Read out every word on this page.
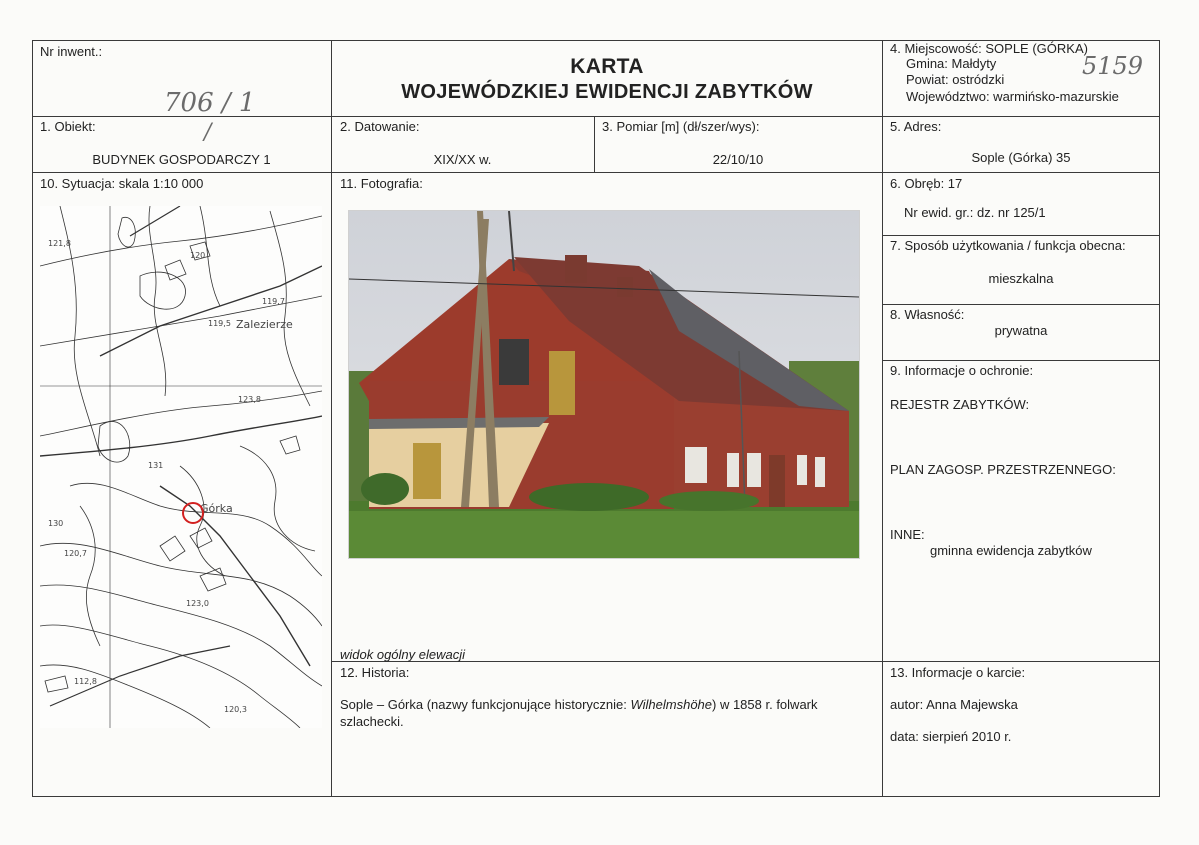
Nr inwent.:
706 / 1
/
KARTA
WOJEWÓDZKIEJ EWIDENCJI ZABYTKÓW
4. Miejscowość: SOPLE (GÓRKA)
Gmina: Małdyty
Powiat: ostródzki
Województwo: warmińsko-mazurskie
5159
1. Obiekt:
BUDYNEK GOSPODARCZY 1
2. Datowanie:
XIX/XX w.
3. Pomiar [m] (dł/szer/wys):
22/10/10
5. Adres:
Sople (Górka) 35
10. Sytuacja: skala 1:10 000
121,8
120
119,7
119,5 Zalezierze
123,8
131
Górka
130
120,7
123,0
112,8
120,3
11. Fotografia:
widok ogólny elewacji
6. Obręb: 17
Nr ewid. gr.: dz. nr 125/1
7. Sposób użytkowania / funkcja obecna:
mieszkalna
8. Własność:
prywatna
9. Informacje o ochronie:
REJESTR ZABYTKÓW:
PLAN ZAGOSP. PRZESTRZENNEGO:
INNE:
gminna ewidencja zabytków
12. Historia:
Sople – Górka (nazwy funkcjonujące historycznie: Wilhelmshöhe) w 1858 r. folwark
szlachecki.
13. Informacje o karcie:
autor: Anna Majewska
data: sierpień 2010 r.
